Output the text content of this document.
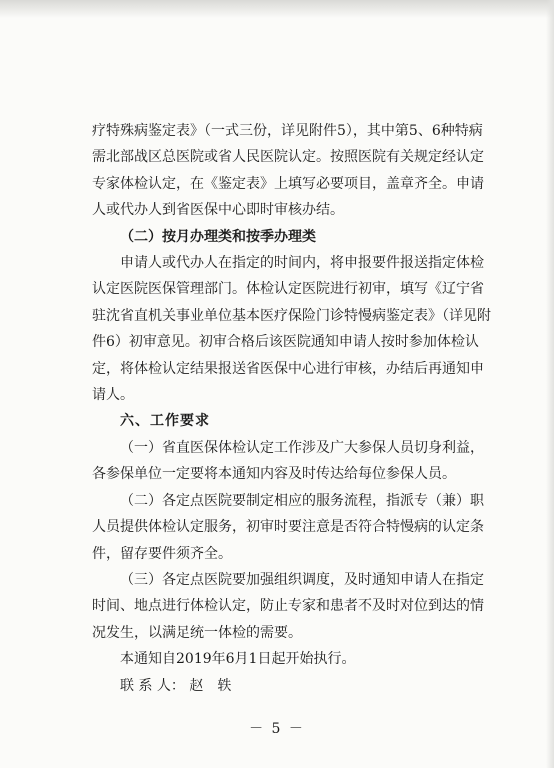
疗特殊病鉴定表》（一式三份，详见附件5），其中第5、6种特病需北部战区总医院或省人民医院认定。按照医院有关规定经认定专家体检认定，在《鉴定表》上填写必要项目，盖章齐全。申请人或代办人到省医保中心即时审核办结。

（二）按月办理类和按季办理类

申请人或代办人在指定的时间内，将申报要件报送指定体检认定医院医保管理部门。体检认定医院进行初审，填写《辽宁省驻沈省直机关事业单位基本医疗保险门诊特慢病鉴定表》（详见附件6）初审意见。初审合格后该医院通知申请人按时参加体检认定，将体检认定结果报送省医保中心进行审核，办结后再通知申请人。

六、工作要求

（一）省直医保体检认定工作涉及广大参保人员切身利益，各参保单位一定要将本通知内容及时传达给每位参保人员。

（二）各定点医院要制定相应的服务流程，指派专（兼）职人员提供体检认定服务，初审时要注意是否符合特慢病的认定条件，留存要件须齐全。

（三）各定点医院要加强组织调度，及时通知申请人在指定时间、地点进行体检认定，防止专家和患者不及时对位到达的情况发生，以满足统一体检的需要。

本通知自2019年6月1日起开始执行。

联 系 人： 赵　轶

－ 5 －
